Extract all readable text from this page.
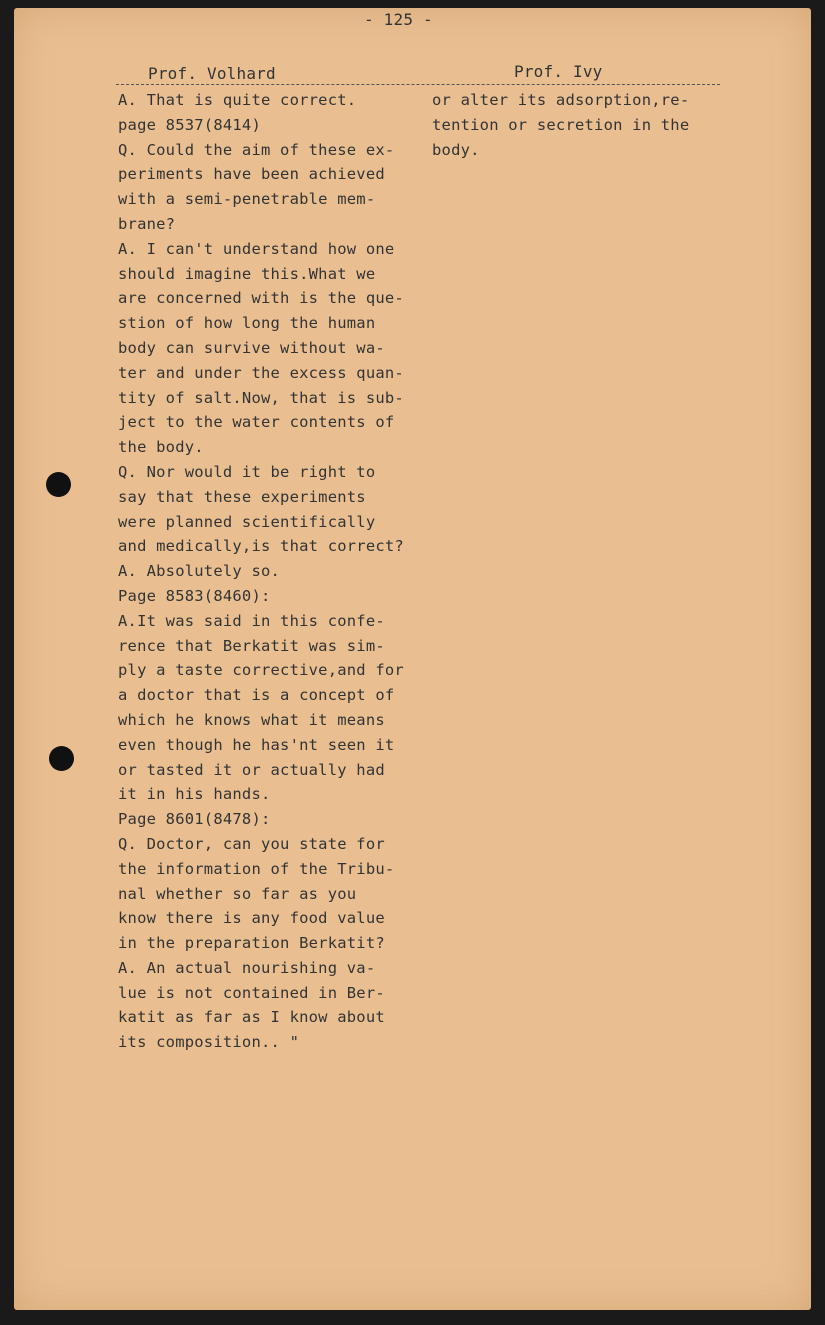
- 125 -
Prof. Volhard	Prof. Ivy
A. That is quite correct.
page 8537(8414)
Q. Could the aim of these ex-
periments have been achieved
with a semi-penetrable mem-
brane?
A. I can't understand how one
should imagine this.What we
are concerned with is the que-
stion of how long the human
body can survive without wa-
ter and under the excess quan-
tity of salt.Now, that is sub-
ject to the water contents of
the body.
Q. Nor would it be right to
say that these experiments
were planned scientifically
and medically,is that correct?
A. Absolutely so.
Page 8583(8460):
A.It was said in this confe-
rence that Berkatit was sim-
ply a taste corrective,and for
a doctor that is a concept of
which he knows what it means
even though he has'nt seen it
or tasted it or actually had
it in his hands.
Page 8601(8478):
Q. Doctor, can you state for
the information of the Tribu-
nal whether so far as you
know there is any food value
in the preparation Berkatit?
A. An actual nourishing va-
lue is not contained in Ber-
katit as far as I know about
its composition.. "
or alter its adsorption,re-
tention or secretion in the
body.
